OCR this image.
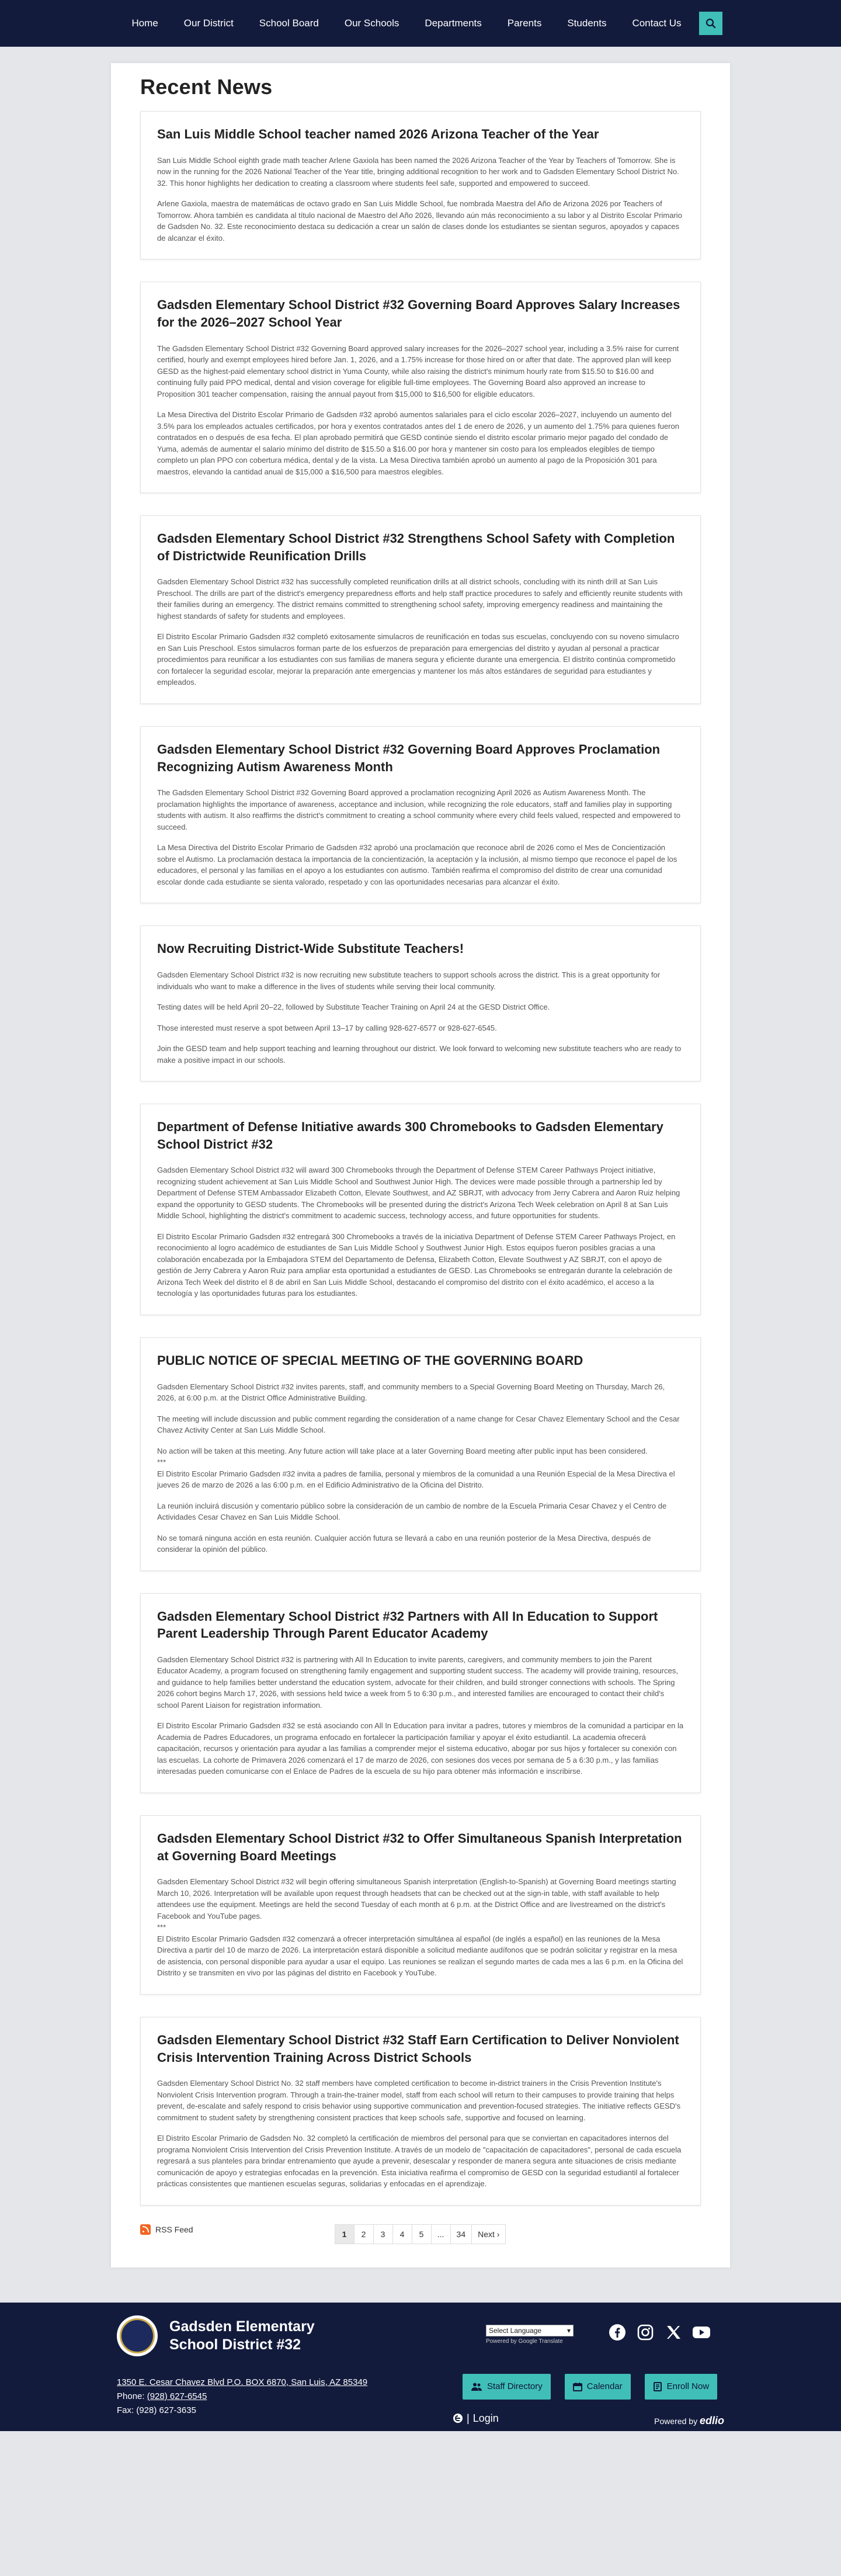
Home	Our District	School Board	Our Schools	Departments	Parents	Students	Contact Us
Recent News
San Luis Middle School teacher named 2026 Arizona Teacher of the Year

San Luis Middle School eighth grade math teacher Arlene Gaxiola has been named the 2026 Arizona Teacher of the Year by Teachers of Tomorrow. She is now in the running for the 2026 National Teacher of the Year title, bringing additional recognition to her work and to Gadsden Elementary School District No. 32. This honor highlights her dedication to creating a classroom where students feel safe, supported and empowered to succeed.

Arlene Gaxiola, maestra de matemáticas de octavo grado en San Luis Middle School, fue nombrada Maestra del Año de Arizona 2026 por Teachers of Tomorrow. Ahora también es candidata al título nacional de Maestro del Año 2026, llevando aún más reconocimiento a su labor y al Distrito Escolar Primario de Gadsden No. 32. Este reconocimiento destaca su dedicación a crear un salón de clases donde los estudiantes se sientan seguros, apoyados y capaces de alcanzar el éxito.

Gadsden Elementary School District #32 Governing Board Approves Salary Increases for the 2026–2027 School Year

The Gadsden Elementary School District #32 Governing Board approved salary increases for the 2026–2027 school year, including a 3.5% raise for current certified, hourly and exempt employees hired before Jan. 1, 2026, and a 1.75% increase for those hired on or after that date. The approved plan will keep GESD as the highest-paid elementary school district in Yuma County, while also raising the district's minimum hourly rate from $15.50 to $16.00 and continuing fully paid PPO medical, dental and vision coverage for eligible full-time employees. The Governing Board also approved an increase to Proposition 301 teacher compensation, raising the annual payout from $15,000 to $16,500 for eligible educators.

La Mesa Directiva del Distrito Escolar Primario de Gadsden #32 aprobó aumentos salariales para el ciclo escolar 2026–2027, incluyendo un aumento del 3.5% para los empleados actuales certificados, por hora y exentos contratados antes del 1 de enero de 2026, y un aumento del 1.75% para quienes fueron contratados en o después de esa fecha. El plan aprobado permitirá que GESD continúe siendo el distrito escolar primario mejor pagado del condado de Yuma, además de aumentar el salario mínimo del distrito de $15.50 a $16.00 por hora y mantener sin costo para los empleados elegibles de tiempo completo un plan PPO con cobertura médica, dental y de la vista. La Mesa Directiva también aprobó un aumento al pago de la Proposición 301 para maestros, elevando la cantidad anual de $15,000 a $16,500 para maestros elegibles.

Gadsden Elementary School District #32 Strengthens School Safety with Completion of Districtwide Reunification Drills

Gadsden Elementary School District #32 has successfully completed reunification drills at all district schools, concluding with its ninth drill at San Luis Preschool. The drills are part of the district's emergency preparedness efforts and help staff practice procedures to safely and efficiently reunite students with their families during an emergency. The district remains committed to strengthening school safety, improving emergency readiness and maintaining the highest standards of safety for students and employees.

El Distrito Escolar Primario Gadsden #32 completó exitosamente simulacros de reunificación en todas sus escuelas, concluyendo con su noveno simulacro en San Luis Preschool. Estos simulacros forman parte de los esfuerzos de preparación para emergencias del distrito y ayudan al personal a practicar procedimientos para reunificar a los estudiantes con sus familias de manera segura y eficiente durante una emergencia. El distrito continúa comprometido con fortalecer la seguridad escolar, mejorar la preparación ante emergencias y mantener los más altos estándares de seguridad para estudiantes y empleados.

Gadsden Elementary School District #32 Governing Board Approves Proclamation Recognizing Autism Awareness Month

The Gadsden Elementary School District #32 Governing Board approved a proclamation recognizing April 2026 as Autism Awareness Month. The proclamation highlights the importance of awareness, acceptance and inclusion, while recognizing the role educators, staff and families play in supporting students with autism. It also reaffirms the district's commitment to creating a school community where every child feels valued, respected and empowered to succeed.

La Mesa Directiva del Distrito Escolar Primario de Gadsden #32 aprobó una proclamación que reconoce abril de 2026 como el Mes de Concientización sobre el Autismo. La proclamación destaca la importancia de la concientización, la aceptación y la inclusión, al mismo tiempo que reconoce el papel de los educadores, el personal y las familias en el apoyo a los estudiantes con autismo. También reafirma el compromiso del distrito de crear una comunidad escolar donde cada estudiante se sienta valorado, respetado y con las oportunidades necesarias para alcanzar el éxito.

Now Recruiting District-Wide Substitute Teachers!

Gadsden Elementary School District #32 is now recruiting new substitute teachers to support schools across the district. This is a great opportunity for individuals who want to make a difference in the lives of students while serving their local community.

Testing dates will be held April 20–22, followed by Substitute Teacher Training on April 24 at the GESD District Office.

Those interested must reserve a spot between April 13–17 by calling 928-627-6577 or 928-627-6545.

Join the GESD team and help support teaching and learning throughout our district. We look forward to welcoming new substitute teachers who are ready to make a positive impact in our schools.

Department of Defense Initiative awards 300 Chromebooks to Gadsden Elementary School District #32

Gadsden Elementary School District #32 will award 300 Chromebooks through the Department of Defense STEM Career Pathways Project initiative, recognizing student achievement at San Luis Middle School and Southwest Junior High. The devices were made possible through a partnership led by Department of Defense STEM Ambassador Elizabeth Cotton, Elevate Southwest, and AZ SBRJT, with advocacy from Jerry Cabrera and Aaron Ruiz helping expand the opportunity to GESD students. The Chromebooks will be presented during the district's Arizona Tech Week celebration on April 8 at San Luis Middle School, highlighting the district's commitment to academic success, technology access, and future opportunities for students.

El Distrito Escolar Primario Gadsden #32 entregará 300 Chromebooks a través de la iniciativa Department of Defense STEM Career Pathways Project, en reconocimiento al logro académico de estudiantes de San Luis Middle School y Southwest Junior High. Estos equipos fueron posibles gracias a una colaboración encabezada por la Embajadora STEM del Departamento de Defensa, Elizabeth Cotton, Elevate Southwest y AZ SBRJT, con el apoyo de gestión de Jerry Cabrera y Aaron Ruiz para ampliar esta oportunidad a estudiantes de GESD. Las Chromebooks se entregarán durante la celebración de Arizona Tech Week del distrito el 8 de abril en San Luis Middle School, destacando el compromiso del distrito con el éxito académico, el acceso a la tecnología y las oportunidades futuras para los estudiantes.

PUBLIC NOTICE OF SPECIAL MEETING OF THE GOVERNING BOARD

Gadsden Elementary School District #32 invites parents, staff, and community members to a Special Governing Board Meeting on Thursday, March 26, 2026, at 6:00 p.m. at the District Office Administrative Building.

The meeting will include discussion and public comment regarding the consideration of a name change for Cesar Chavez Elementary School and the Cesar Chavez Activity Center at San Luis Middle School.

No action will be taken at this meeting. Any future action will take place at a later Governing Board meeting after public input has been considered.
***
El Distrito Escolar Primario Gadsden #32 invita a padres de familia, personal y miembros de la comunidad a una Reunión Especial de la Mesa Directiva el jueves 26 de marzo de 2026 a las 6:00 p.m. en el Edificio Administrativo de la Oficina del Distrito.

La reunión incluirá discusión y comentario público sobre la consideración de un cambio de nombre de la Escuela Primaria Cesar Chavez y el Centro de Actividades Cesar Chavez en San Luis Middle School.

No se tomará ninguna acción en esta reunión. Cualquier acción futura se llevará a cabo en una reunión posterior de la Mesa Directiva, después de considerar la opinión del público.

Gadsden Elementary School District #32 Partners with All In Education to Support Parent Leadership Through Parent Educator Academy

Gadsden Elementary School District #32 is partnering with All In Education to invite parents, caregivers, and community members to join the Parent Educator Academy, a program focused on strengthening family engagement and supporting student success. The academy will provide training, resources, and guidance to help families better understand the education system, advocate for their children, and build stronger connections with schools. The Spring 2026 cohort begins March 17, 2026, with sessions held twice a week from 5 to 6:30 p.m., and interested families are encouraged to contact their child's school Parent Liaison for registration information.

El Distrito Escolar Primario Gadsden #32 se está asociando con All In Education para invitar a padres, tutores y miembros de la comunidad a participar en la Academia de Padres Educadores, un programa enfocado en fortalecer la participación familiar y apoyar el éxito estudiantil. La academia ofrecerá capacitación, recursos y orientación para ayudar a las familias a comprender mejor el sistema educativo, abogar por sus hijos y fortalecer su conexión con las escuelas. La cohorte de Primavera 2026 comenzará el 17 de marzo de 2026, con sesiones dos veces por semana de 5 a 6:30 p.m., y las familias interesadas pueden comunicarse con el Enlace de Padres de la escuela de su hijo para obtener más información e inscribirse.

Gadsden Elementary School District #32 to Offer Simultaneous Spanish Interpretation at Governing Board Meetings

Gadsden Elementary School District #32 will begin offering simultaneous Spanish interpretation (English-to-Spanish) at Governing Board meetings starting March 10, 2026. Interpretation will be available upon request through headsets that can be checked out at the sign-in table, with staff available to help attendees use the equipment. Meetings are held the second Tuesday of each month at 6 p.m. at the District Office and are livestreamed on the district's Facebook and YouTube pages.
***
El Distrito Escolar Primario Gadsden #32 comenzará a ofrecer interpretación simultánea al español (de inglés a español) en las reuniones de la Mesa Directiva a partir del 10 de marzo de 2026. La interpretación estará disponible a solicitud mediante audífonos que se podrán solicitar y registrar en la mesa de asistencia, con personal disponible para ayudar a usar el equipo. Las reuniones se realizan el segundo martes de cada mes a las 6 p.m. en la Oficina del Distrito y se transmiten en vivo por las páginas del distrito en Facebook y YouTube.

Gadsden Elementary School District #32 Staff Earn Certification to Deliver Nonviolent Crisis Intervention Training Across District Schools

Gadsden Elementary School District No. 32 staff members have completed certification to become in-district trainers in the Crisis Prevention Institute's Nonviolent Crisis Intervention program. Through a train-the-trainer model, staff from each school will return to their campuses to provide training that helps prevent, de-escalate and safely respond to crisis behavior using supportive communication and prevention-focused strategies. The initiative reflects GESD's commitment to student safety by strengthening consistent practices that keep schools safe, supportive and focused on learning.

El Distrito Escolar Primario de Gadsden No. 32 completó la certificación de miembros del personal para que se conviertan en capacitadores internos del programa Nonviolent Crisis Intervention del Crisis Prevention Institute. A través de un modelo de "capacitación de capacitadores", personal de cada escuela regresará a sus planteles para brindar entrenamiento que ayude a prevenir, desescalar y responder de manera segura ante situaciones de crisis mediante comunicación de apoyo y estrategias enfocadas en la prevención. Esta iniciativa reafirma el compromiso de GESD con la seguridad estudiantil al fortalecer prácticas consistentes que mantienen escuelas seguras, solidarias y enfocadas en el aprendizaje.

RSS Feed	1	2	3	4	5	...	34	Next ›
Gadsden Elementary
School District #32
1350 E. Cesar Chavez Blvd P.O. BOX 6870, San Luis, AZ 85349
Phone: (928) 627-6545
Fax: (928) 627-3635
Select Language	▾
Powered by Google Translate
Staff Directory	Calendar	Enroll Now
| Login	Powered by edlio
